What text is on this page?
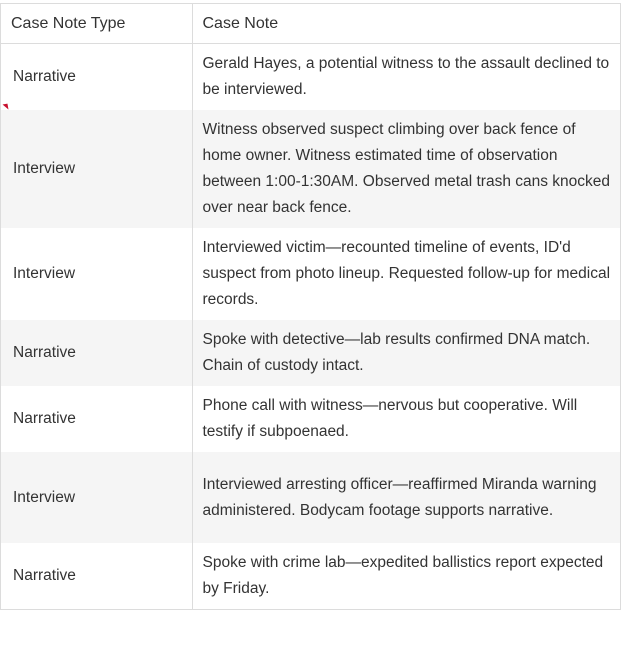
Case Note Type	Case Note
Narrative	Gerald Hayes, a potential witness to the assault declined to be interviewed.
Interview	Witness observed suspect climbing over back fence of home owner. Witness estimated time of observation between 1:00-1:30AM. Observed metal trash cans knocked over near back fence.
Interview	Interviewed victim—recounted timeline of events, ID'd suspect from photo lineup. Requested follow-up for medical records.
Narrative	Spoke with detective—lab results confirmed DNA match. Chain of custody intact.
Narrative	Phone call with witness—nervous but cooperative. Will testify if subpoenaed.
Interview	Interviewed arresting officer—reaffirmed Miranda warning administered. Bodycam footage supports narrative.
Narrative	Spoke with crime lab—expedited ballistics report expected by Friday.
